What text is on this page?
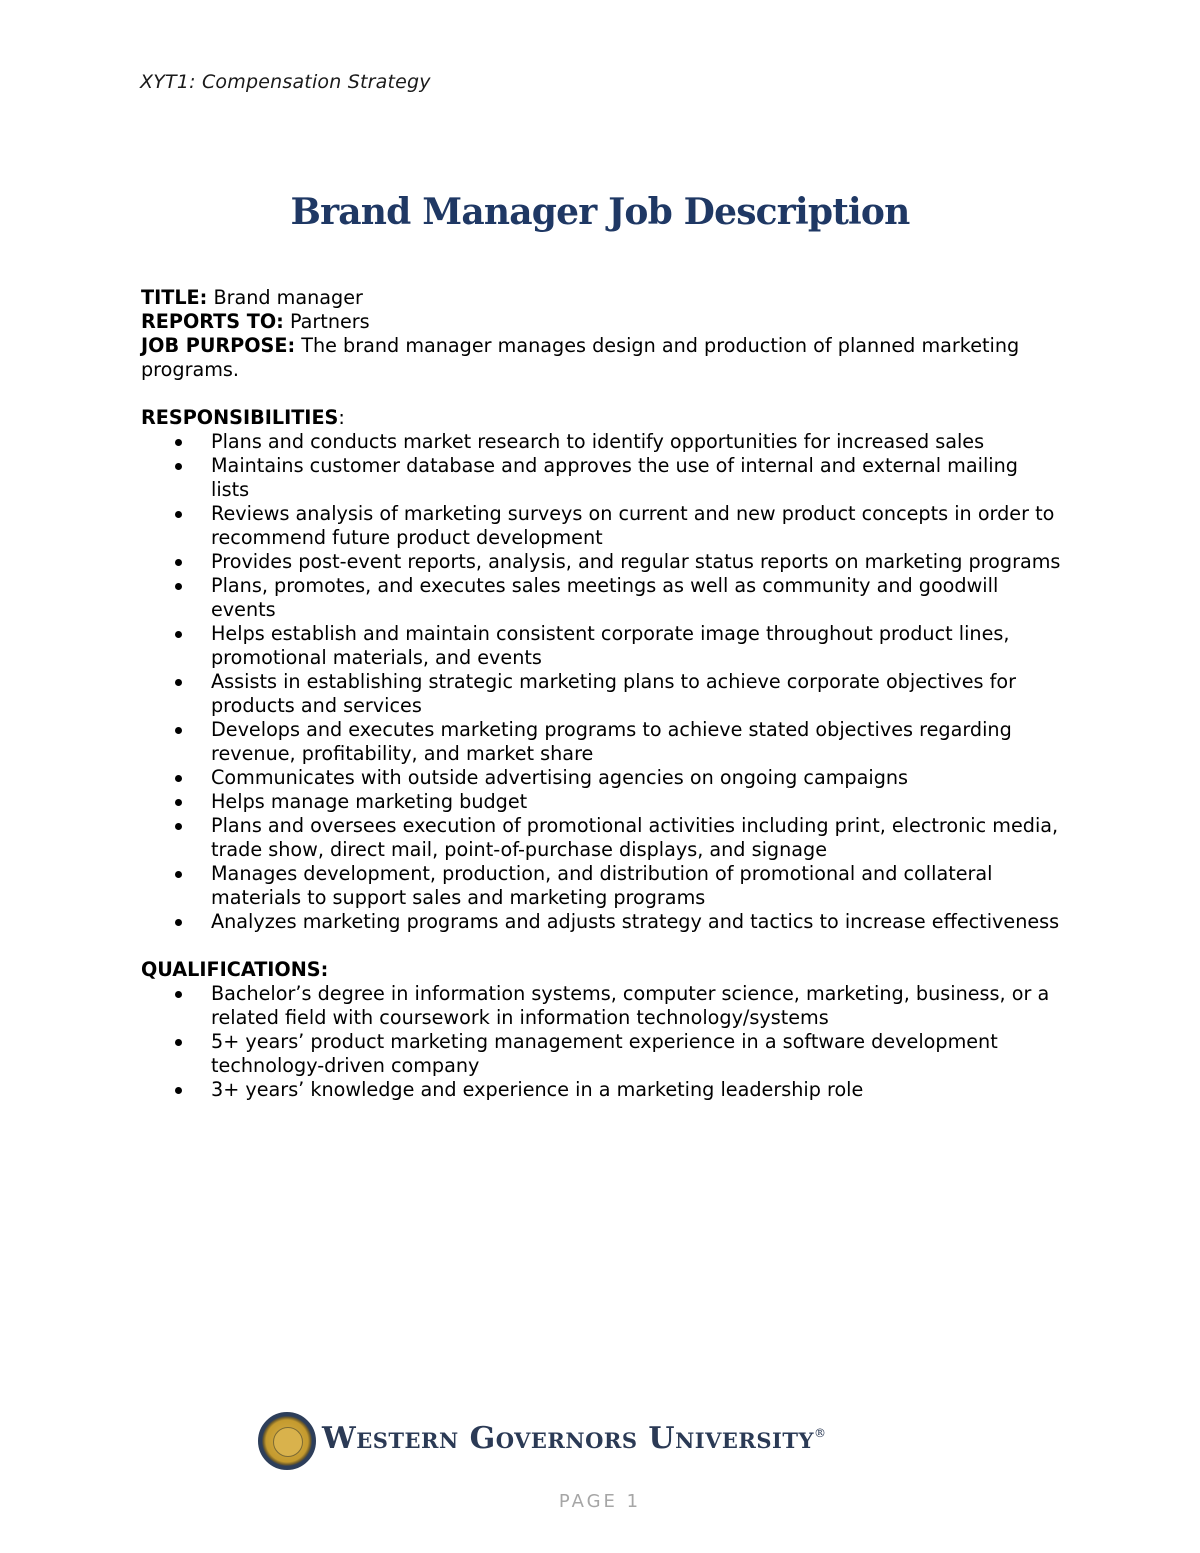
XYT1: Compensation Strategy
Brand Manager Job Description

TITLE: Brand manager

REPORTS TO: Partners

JOB PURPOSE: The brand manager manages design and production of planned marketing programs.

RESPONSIBILITIES:

Plans and conducts market research to identify opportunities for increased sales
Maintains customer database and approves the use of internal and external mailing lists
Reviews analysis of marketing surveys on current and new product concepts in order to recommend future product development
Provides post-event reports, analysis, and regular status reports on marketing programs
Plans, promotes, and executes sales meetings as well as community and goodwill events
Helps establish and maintain consistent corporate image throughout product lines, promotional materials, and events
Assists in establishing strategic marketing plans to achieve corporate objectives for products and services
Develops and executes marketing programs to achieve stated objectives regarding revenue, profitability, and market share
Communicates with outside advertising agencies on ongoing campaigns
Helps manage marketing budget
Plans and oversees execution of promotional activities including print, electronic media, trade show, direct mail, point-of-purchase displays, and signage
Manages development, production, and distribution of promotional and collateral materials to support sales and marketing programs
Analyzes marketing programs and adjusts strategy and tactics to increase effectiveness

QUALIFICATIONS:

Bachelor’s degree in information systems, computer science, marketing, business, or a related field with coursework in information technology/systems
5+ years’ product marketing management experience in a software development technology-driven company
3+ years’ knowledge and experience in a marketing leadership role
Western Governors University®
PAGE 1
